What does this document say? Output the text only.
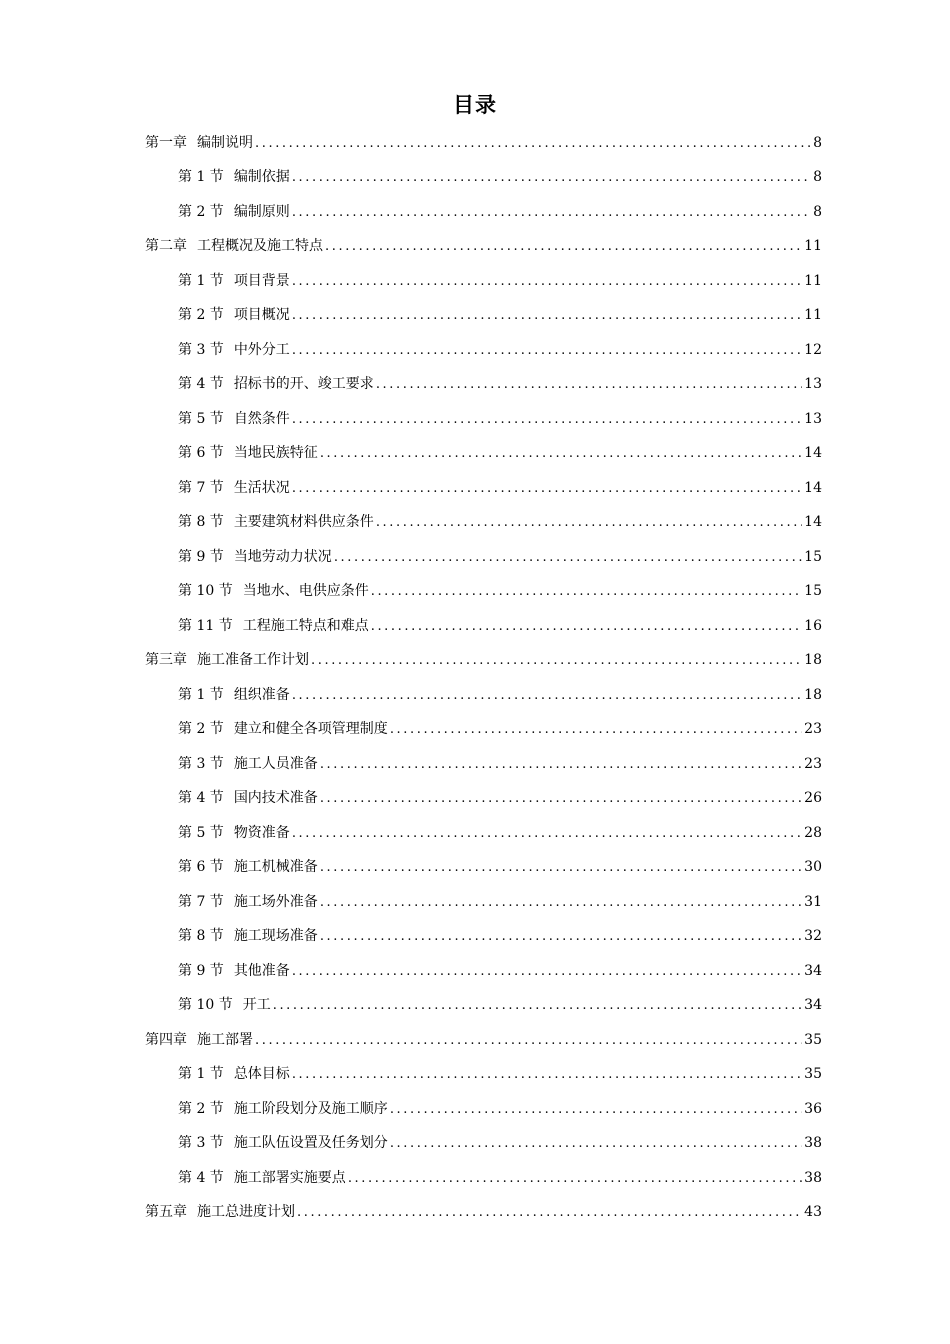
目录
第一章 编制说明 .....	8
第 1 节 编制依据 .....	8
第 2 节 编制原则 .....	8
第二章 工程概况及施工特点 .....	11
第 1 节 项目背景 .....	11
第 2 节 项目概况 .....	11
第 3 节 中外分工 .....	12
第 4 节 招标书的开、竣工要求 .....	13
第 5 节 自然条件 .....	13
第 6 节 当地民族特征 .....	14
第 7 节 生活状况 .....	14
第 8 节 主要建筑材料供应条件 .....	14
第 9 节 当地劳动力状况 .....	15
第 10 节 当地水、电供应条件 .....	15
第 11 节 工程施工特点和难点 .....	16
第三章 施工准备工作计划 .....	18
第 1 节 组织准备 .....	18
第 2 节 建立和健全各项管理制度 .....	23
第 3 节 施工人员准备 .....	23
第 4 节 国内技术准备 .....	26
第 5 节 物资准备 .....	28
第 6 节 施工机械准备 .....	30
第 7 节 施工场外准备 .....	31
第 8 节 施工现场准备 .....	32
第 9 节 其他准备 .....	34
第 10 节 开工 .....	34
第四章 施工部署 .....	35
第 1 节 总体目标 .....	35
第 2 节 施工阶段划分及施工顺序 .....	36
第 3 节 施工队伍设置及任务划分 .....	38
第 4 节 施工部署实施要点 .....	38
第五章 施工总进度计划 .....	43
